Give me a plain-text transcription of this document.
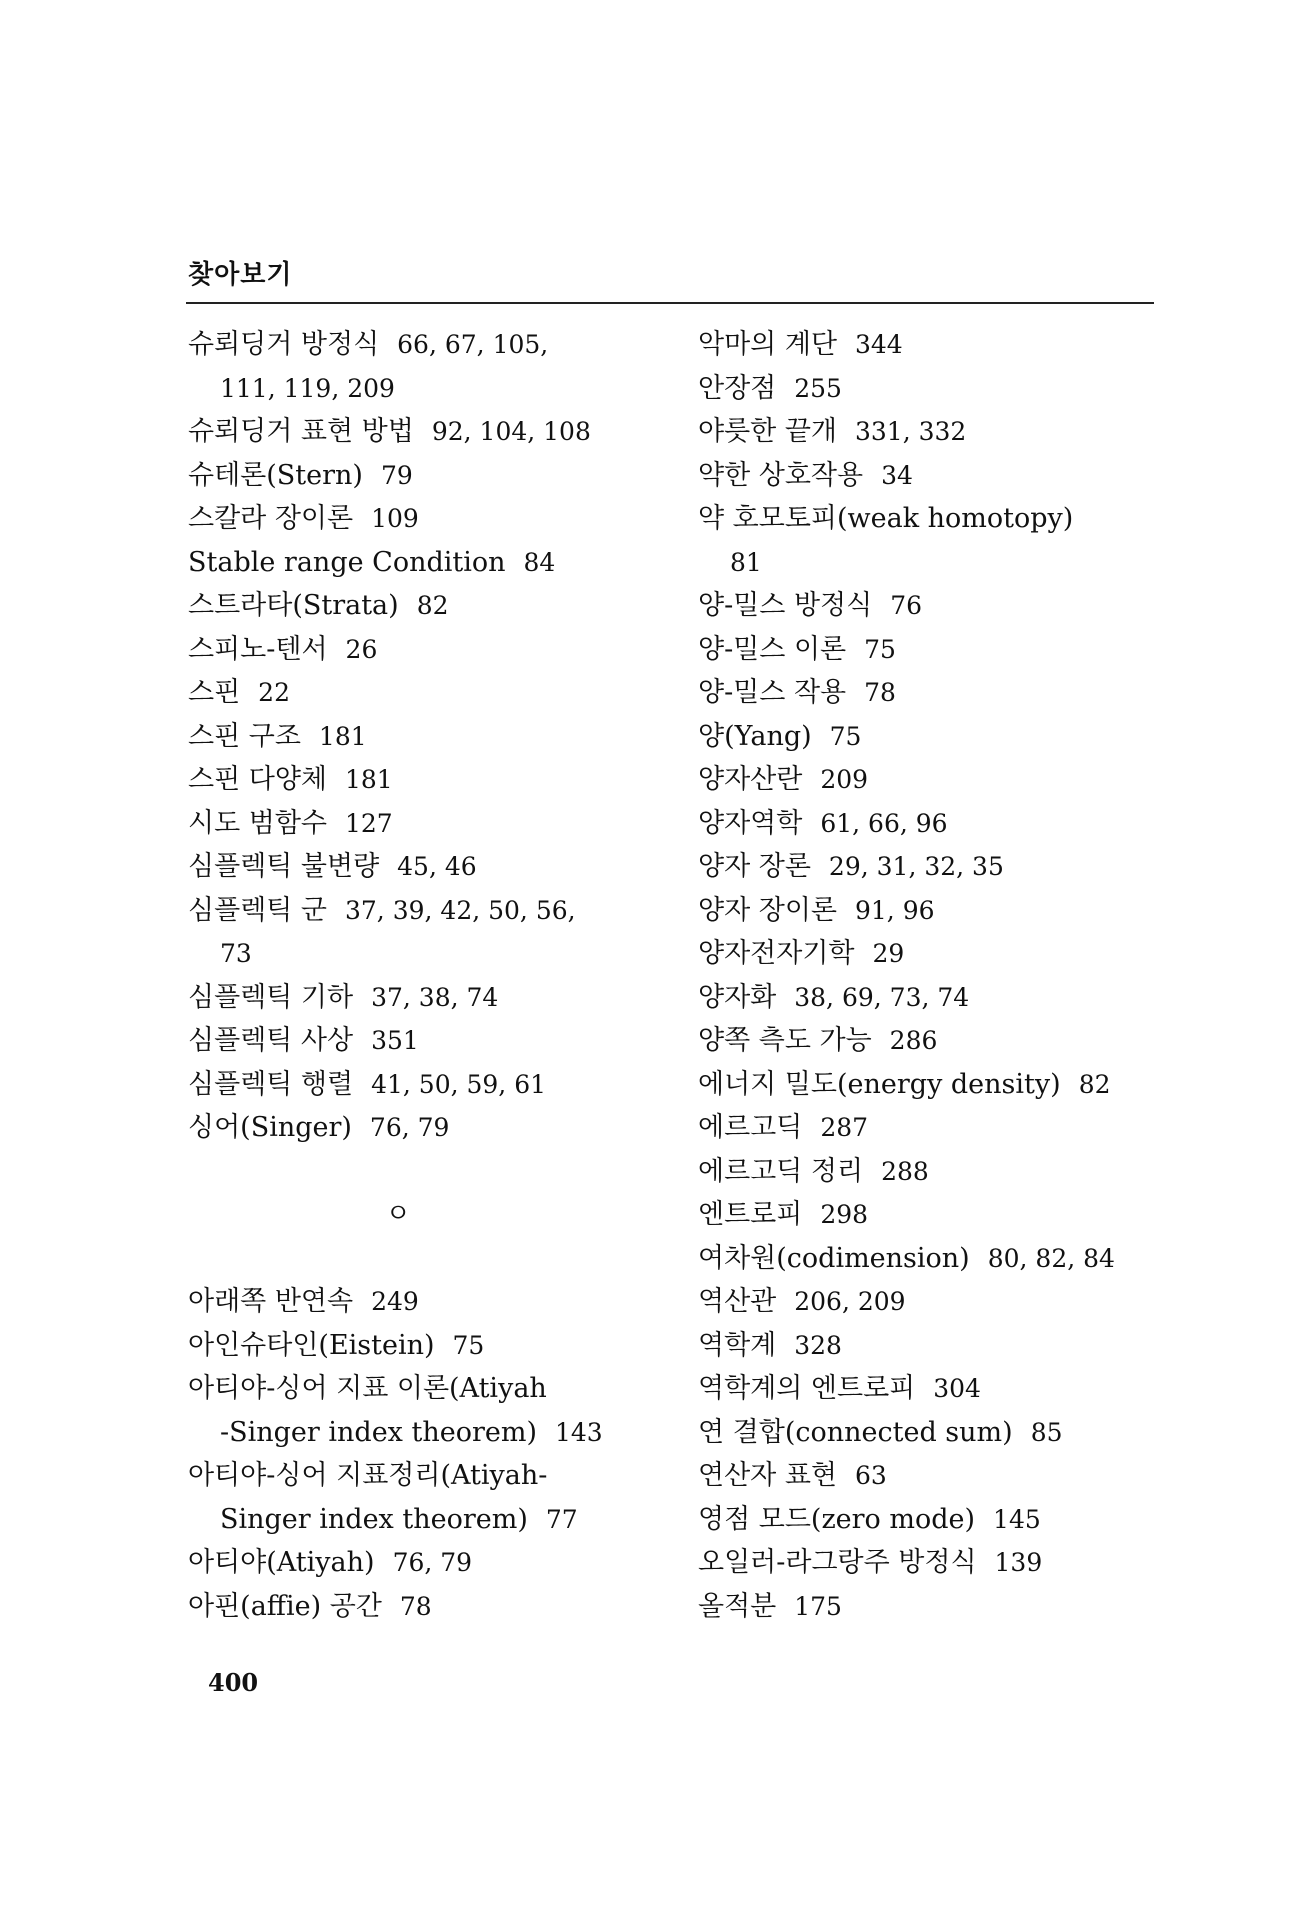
찾아보기
슈뢰딩거 방정식 66, 67, 105,
111, 119, 209
슈뢰딩거 표현 방법 92, 104, 108
슈테론(Stern) 79
스칼라 장이론 109
Stable range Condition 84
스트라타(Strata) 82
스피노-텐서 26
스핀 22
스핀 구조 181
스핀 다양체 181
시도 범함수 127
심플렉틱 불변량 45, 46
심플렉틱 군 37, 39, 42, 50, 56,
73
심플렉틱 기하 37, 38, 74
심플렉틱 사상 351
심플렉틱 행렬 41, 50, 59, 61
싱어(Singer) 76, 79
ㅇ
아래쪽 반연속 249
아인슈타인(Eistein) 75
아티야-싱어 지표 이론(Atiyah
-Singer index theorem) 143
아티야-싱어 지표정리(Atiyah-
Singer index theorem) 77
아티야(Atiyah) 76, 79
아핀(affie) 공간 78
악마의 계단 344
안장점 255
야릇한 끝개 331, 332
약한 상호작용 34
약 호모토피(weak homotopy)
81
양-밀스 방정식 76
양-밀스 이론 75
양-밀스 작용 78
양(Yang) 75
양자산란 209
양자역학 61, 66, 96
양자 장론 29, 31, 32, 35
양자 장이론 91, 96
양자전자기학 29
양자화 38, 69, 73, 74
양쪽 측도 가능 286
에너지 밀도(energy density) 82
에르고딕 287
에르고딕 정리 288
엔트로피 298
여차원(codimension) 80, 82, 84
역산관 206, 209
역학계 328
역학계의 엔트로피 304
연 결합(connected sum) 85
연산자 표현 63
영점 모드(zero mode) 145
오일러-라그랑주 방정식 139
올적분 175
400
